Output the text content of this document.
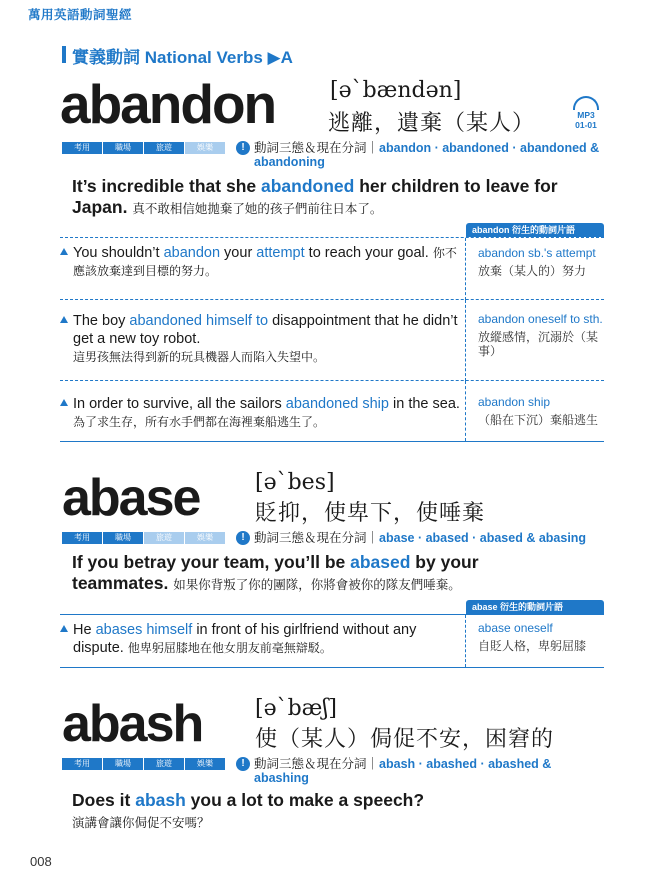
萬用英語動詞聖經
實義動詞 National Verbs ▶A
abandon [əˋbændən]
逃離，遺棄（某人）	MP3
01-01
考用	職場	旅遊	娛樂	! 動詞三態＆現在分詞｜abandon · abandoned · abandoned & abandoning
It’s incredible that she abandoned her children to leave for Japan. 真不敢相信她拋棄了她的孩子們前往日本了。
abandon 衍生的動詞片語
You shouldn’t abandon your attempt to reach your goal. 你不應該放棄達到目標的努力。
abandon sb.'s attempt
放棄（某人的）努力
The boy abandoned himself to disappointment that he didn’t get a new toy robot.
這男孩無法得到新的玩具機器人而陷入失望中。
abandon oneself to sth.
放縱感情，沉溺於（某事）
In order to survive, all the sailors abandoned ship in the sea. 為了求生存，所有水手們都在海裡棄船逃生了。
abandon ship
（船在下沉）棄船逃生
abase	[əˋbes]
貶抑，使卑下，使唾棄
考用	職場	旅遊	娛樂	! 動詞三態＆現在分詞｜abase · abased · abased & abasing
If you betray your team, you’ll be abased by your teammates. 如果你背叛了你的團隊，你將會被你的隊友們唾棄。
abase 衍生的動詞片語
He abases himself in front of his girlfriend without any dispute. 他卑躬屈膝地在他女朋友前毫無辯駁。
abase oneself
自貶人格，卑躬屈膝
abash [əˋbæʃ]
使（某人）侷促不安，困窘的
考用	職場	旅遊	娛樂	! 動詞三態＆現在分詞｜abash · abashed · abashed & abashing
Does it abash you a lot to make a speech?
演講會讓你侷促不安嗎？
008
